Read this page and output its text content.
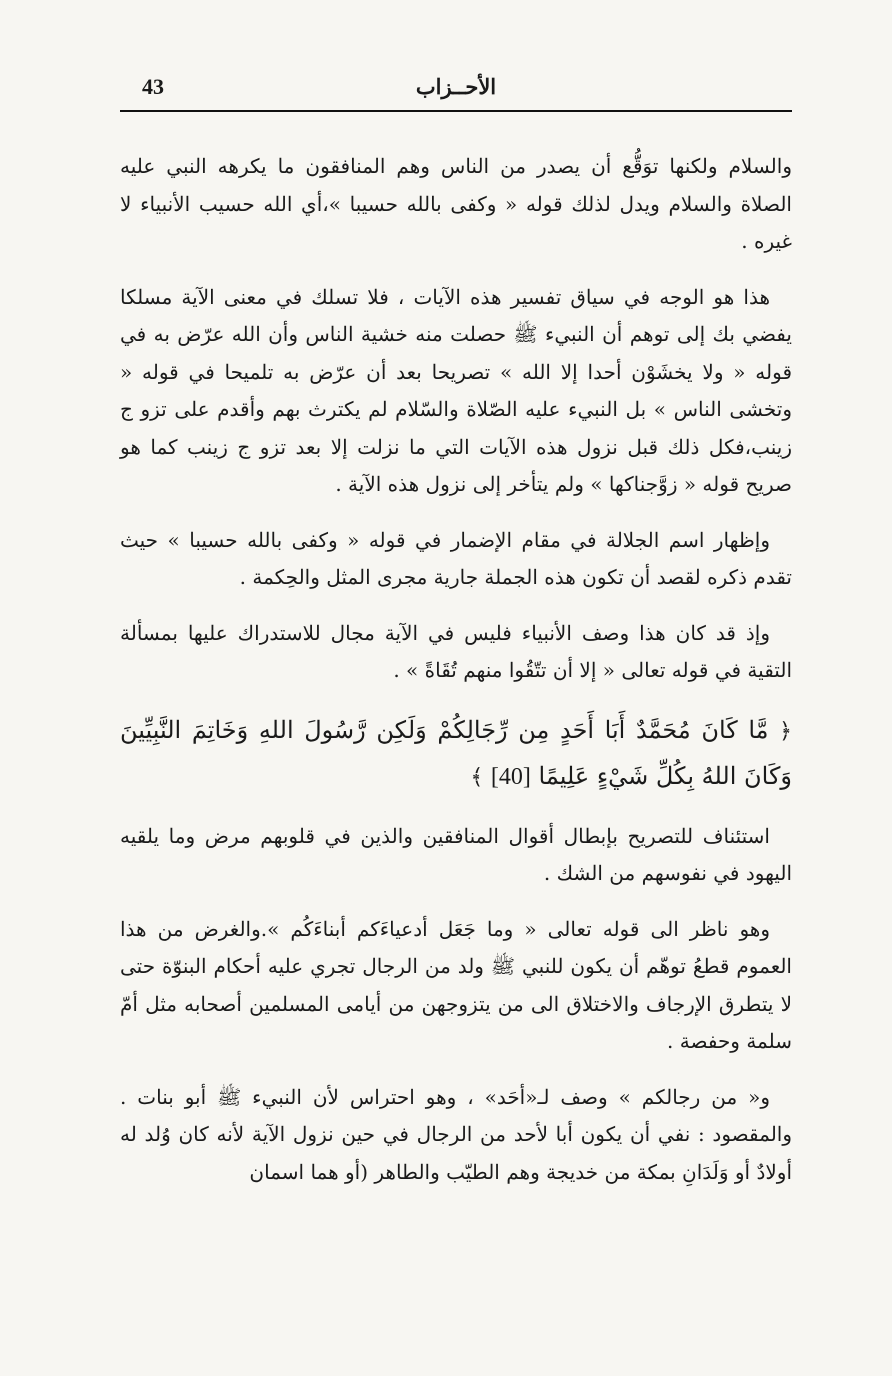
43	الأحــزاب

والسلام ولكنها توَقُّع أن يصدر من الناس وهم المنافقون ما يكرهه النبي عليه الصلاة والسلام ويدل لذلك قوله « وكفى بالله حسيبا »،أي الله حسيب الأنبياء لا غيره .

هذا هو الوجه في سياق تفسير هذه الآيات ، فلا تسلك في معنى الآية مسلكا يفضي بك إلى توهم أن النبيء ﷺ حصلت منه خشية الناس وأن الله عرّض به في قوله « ولا يخشَوْن أحدا إلا الله » تصريحا بعد أن عرّض به تلميحا في قوله « وتخشى الناس » بل النبيء عليه الصّلاة والسّلام لم يكترث بهم وأقدم على تزو ج زينب،فكل ذلك قبل نزول هذه الآيات التي ما نزلت إلا بعد تزو ج زينب كما هو صريح قوله « زوَّجناكها » ولم يتأخر إلى نزول هذه الآية .

وإظهار اسم الجلالة في مقام الإضمار في قوله « وكفى بالله حسيبا » حيث تقدم ذكره لقصد أن تكون هذه الجملة جارية مجرى المثل والحِكمة .

وإذ قد كان هذا وصف الأنبياء فليس في الآية مجال للاستدراك عليها بمسألة التقية في قوله تعالى « إلا أن تتّقُوا منهم تُقَاةً » .

﴿ مَّا كَانَ مُحَمَّدٌ أَبَا أَحَدٍ مِن رِّجَالِكُمْ وَلَكِن رَّسُولَ اللهِ وَخَاتِمَ النَّبِيِّينَ وَكَانَ اللهُ بِكُلِّ شَيْءٍ عَلِيمًا [40] ﴾

استئناف للتصريح بإبطال أقوال المنافقين والذين في قلوبهم مرض وما يلقيه اليهود في نفوسهم من الشك .

وهو ناظر الى قوله تعالى « وما جَعَل أدعياءَكم أبناءَكُم ».والغرض من هذا العموم قطعُ توهّم أن يكون للنبي ﷺ ولد من الرجال تجري عليه أحكام البنوّة حتى لا يتطرق الإرجاف والاختلاق الى من يتزوجهن من أيامى المسلمين أصحابه مثل أمّ سلمة وحفصة .

و« من رجالكم » وصف لـ«أحَد» ، وهو احتراس لأن النبيء ﷺ أبو بنات . والمقصود : نفي أن يكون أبا لأحد من الرجال في حين نزول الآية لأنه كان وُلد له أولادٌ أو وَلَدَانِ بمكة من خديجة وهم الطيّب والطاهر (أو هما اسمان
